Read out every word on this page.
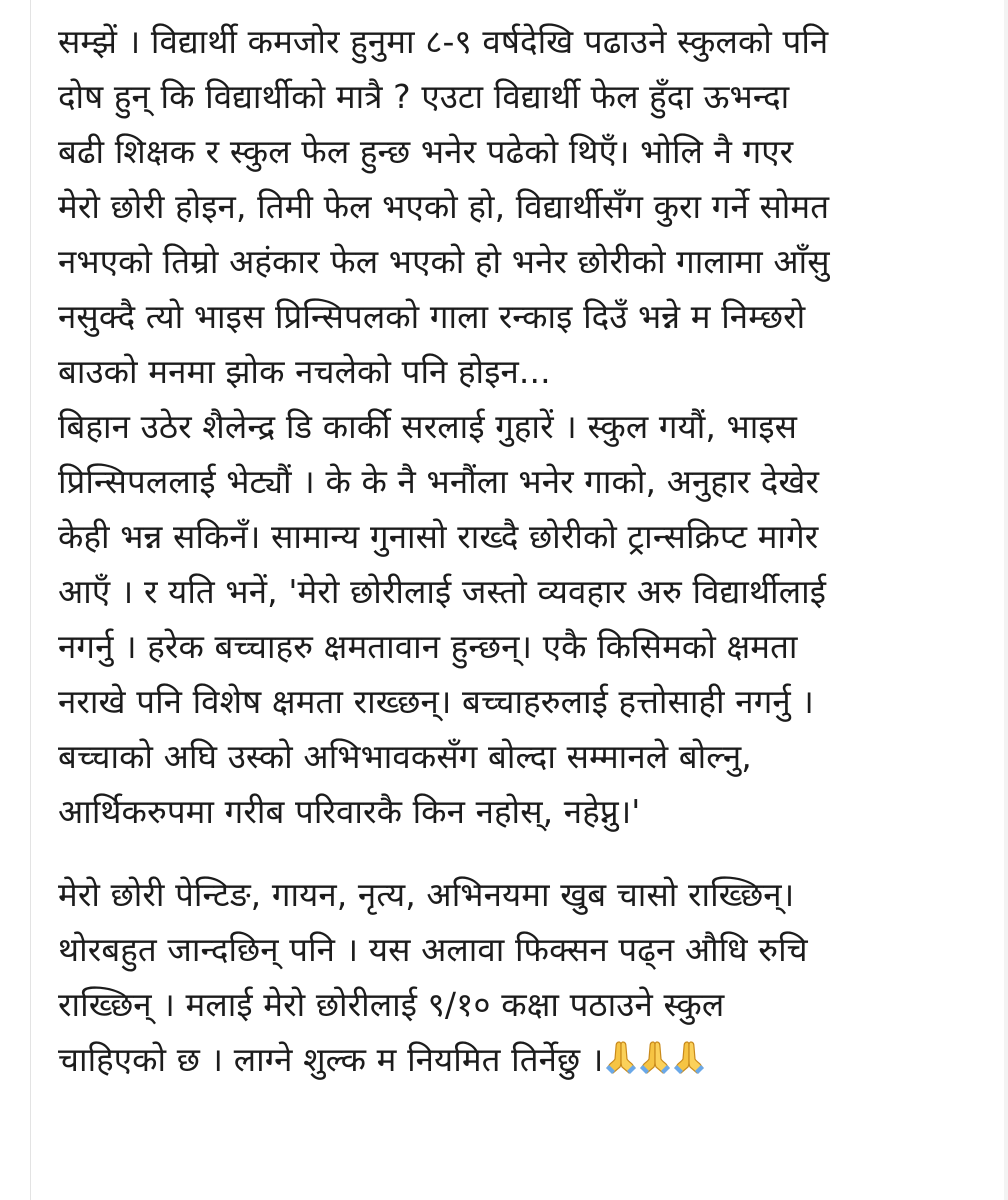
सम्झें । विद्यार्थी कमजोर हुनुमा ८-९ वर्षदेखि पढाउने स्कुलको पनि
दोष हुन् कि विद्यार्थीको मात्रै ? एउटा विद्यार्थी फेल हुँदा ऊभन्दा
बढी शिक्षक र स्कुल फेल हुन्छ भनेर पढेको थिएँ। भोलि नै गएर
मेरो छोरी होइन, तिमी फेल भएको हो, विद्यार्थीसँग कुरा गर्ने सोमत
नभएको तिम्रो अहंकार फेल भएको हो भनेर छोरीको गालामा आँसु
नसुक्दै त्यो भाइस प्रिन्सिपलको गाला रन्काइ दिउँ भन्ने म निम्छरो
बाउको मनमा झोक नचलेको पनि होइन...
बिहान उठेर शैलेन्द्र डि कार्की सरलाई गुहारें । स्कुल गयौं, भाइस
प्रिन्सिपललाई भेट्यौं । के के नै भनौंला भनेर गाको, अनुहार देखेर
केही भन्न सकिनँ। सामान्य गुनासो राख्दै छोरीको ट्रान्सक्रिप्ट मागेर
आएँ । र यति भनें, 'मेरो छोरीलाई जस्तो व्यवहार अरु विद्यार्थीलाई
नगर्नु । हरेक बच्चाहरु क्षमतावान हुन्छन्। एकै किसिमको क्षमता
नराखे पनि विशेष क्षमता राख्छन्। बच्चाहरुलाई हत्तोसाही नगर्नु ।
बच्चाको अघि उस्को अभिभावकसँग बोल्दा सम्मानले बोल्नु,
आर्थिकरुपमा गरीब परिवारकै किन नहोस्, नहेप्नु।'
मेरो छोरी पेन्टिङ, गायन, नृत्य, अभिनयमा खुब चासो राख्छिन्।
थोरबहुत जान्दछिन् पनि । यस अलावा फिक्सन पढ्न औधि रुचि
राख्छिन् । मलाई मेरो छोरीलाई ९/१० कक्षा पठाउने स्कुल
चाहिएको छ । लाग्ने शुल्क म नियमित तिर्नेछु ।
